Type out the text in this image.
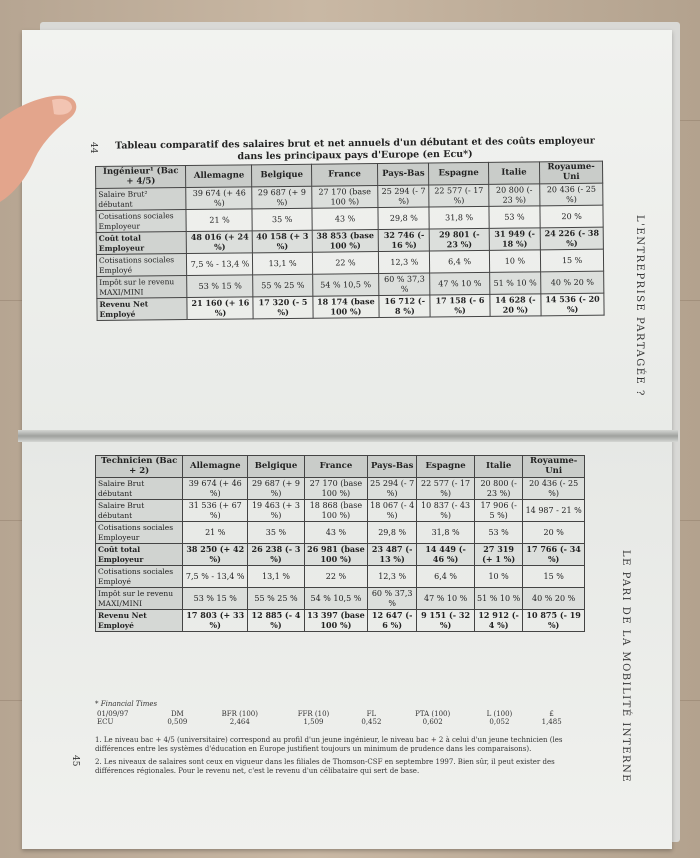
44	Tableau comparatif des salaires brut et net annuels d'un débutant et des coûts employeur dans les principaux pays d'Europe (en Ecu*)
Ingénieur¹ (Bac + 4/5)	Allemagne	Belgique	France	Pays-Bas	Espagne	Italie	Royaume-Uni
Salaire Brut² débutant	39 674 (+ 46 %)	29 687 (+ 9 %)	27 170 (base 100 %)	25 294 (- 7 %)	22 577 (- 17 %)	20 800 (- 23 %)	20 436 (- 25 %)
Cotisations sociales Employeur	21 %	35 %	43 %	29,8 %	31,8 %	53 %	20 %
Coût total Employeur	48 016 (+ 24 %)	40 158 (+ 3 %)	38 853 (base 100 %)	32 746 (- 16 %)	29 801 (- 23 %)	31 949 (- 18 %)	24 226 (- 38 %)
Cotisations sociales Employé	7,5 % - 13,4 %	13,1 %	22 %	12,3 %	6,4 %	10 %	15 %
Impôt sur le revenu MAXI/MINI	53 % 15 %	55 % 25 %	54 % 10,5 %	60 % 37,3 %	47 % 10 %	51 % 10 %	40 % 20 %
Revenu Net Employé	21 160 (+ 16 %)	17 320 (- 5 %)	18 174 (base 100 %)	16 712 (- 8 %)	17 158 (- 6 %)	14 628 (- 20 %)	14 536 (- 20 %)	L'ENTREPRISE PARTAGÉE ?
Technicien (Bac + 2)	Allemagne	Belgique	France	Pays-Bas	Espagne	Italie	Royaume-Uni
Salaire Brut débutant	39 674 (+ 46 %)	29 687 (+ 9 %)	27 170 (base 100 %)	25 294 (- 7 %)	22 577 (- 17 %)	20 800 (- 23 %)	20 436 (- 25 %)
Salaire Brut débutant	31 536 (+ 67 %)	19 463 (+ 3 %)	18 868 (base 100 %)	18 067 (- 4 %)	10 837 (- 43 %)	17 906 (- 5 %)	14 987 - 21 %
Cotisations sociales Employeur	21 %	35 %	43 %	29,8 %	31,8 %	53 %	20 %
Coût total Employeur	38 250 (+ 42 %)	26 238 (- 3 %)	26 981 (base 100 %)	23 487 (- 13 %)	14 449 (- 46 %)	27 319 (+ 1 %)	17 766 (- 34 %)
Cotisations sociales Employé	7,5 % - 13,4 %	13,1 %	22 %	12,3 %	6,4 %	10 %	15 %
Impôt sur le revenu MAXI/MINI	53 % 15 %	55 % 25 %	54 % 10,5 %	60 % 37,3 %	47 % 10 %	51 % 10 %	40 % 20 %
Revenu Net Employé	17 803 (+ 33 %)	12 885 (- 4 %)	13 397 (base 100 %)	12 647 (- 6 %)	9 151 (- 32 %)	12 912 (- 4 %)	10 875 (- 19 %)	LE PARI DE LA MOBILITÉ INTERNE
45
* Financial Times
01/09/97	DM	BFR (100)	FFR (10)	FL	PTA (100)	L (100)	£
ECU	0,509	2,464	1,509	0,452	0,602	0,052	1,485

1. Le niveau bac + 4/5 (universitaire) correspond au profil d'un jeune ingénieur, le niveau bac + 2 à celui d'un jeune technicien (les différences entre les systèmes d'éducation en Europe justifient toujours un minimum de prudence dans les comparaisons).

2. Les niveaux de salaires sont ceux en vigueur dans les filiales de Thomson-CSF en septembre 1997. Bien sûr, il peut exister des différences régionales. Pour le revenu net, c'est le revenu d'un célibataire qui sert de base.
